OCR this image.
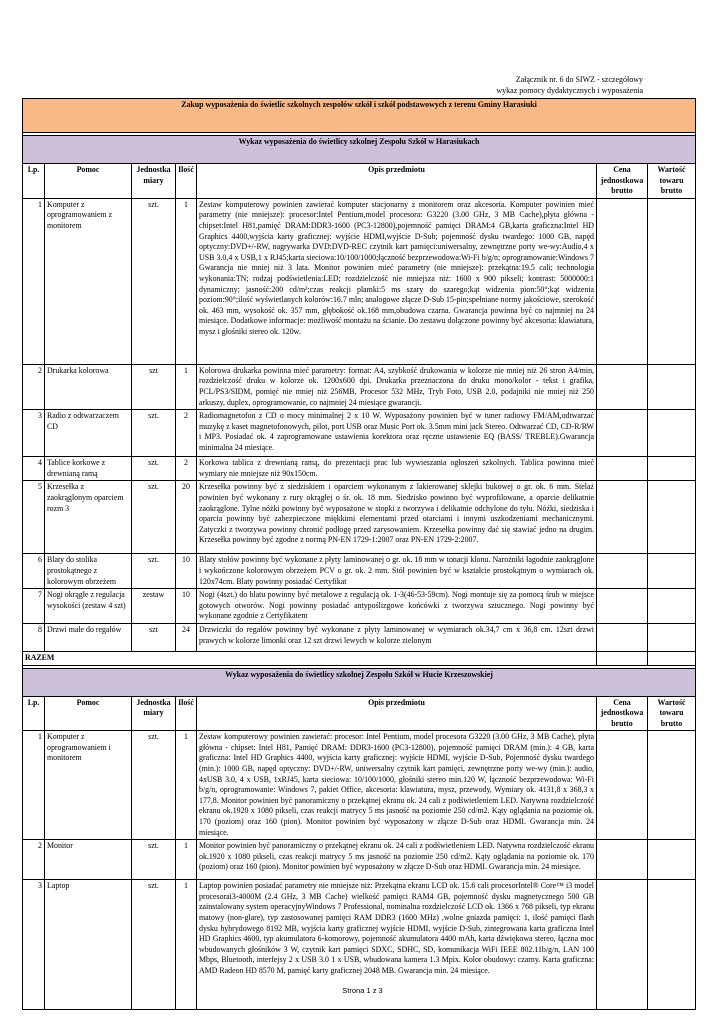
Załącznik nr. 6 do SIWZ - szczegółowy
wykaz pomocy dydaktycznych i wyposażenia
Zakup wyposażenia do świetlic szkolnych zespołów szkół i szkół podstawowych z terenu Gminy Harasiuki						

Wykaz wyposażenia do świetlicy szkolnej Zespołu Szkół w Harasiukach						
Lp.	Pomoc	Jednostka miary	Ilość	Opis przedmiotu	Cena jednostkowa brutto	Wartość towaru brutto
1	Komputer z oprogramowaniem z monitorem	szt.	1	Zestaw komputerowy powinien zawierać komputer stacjonarny z monitorem oraz akcesoria. Komputer powinien mieć parametry (nie mniejsze): procesor:Intel Pentium,model procesora: G3220 (3.00 GHz, 3 MB Cache),płyta główna - chipset:Intel H81,pamięć DRAM:DDR3-1600 (PC3-12800),pojemność pamięci DRAM:4 GB,karta graficzna:Intel HD Graphics 4400,wyjścia karty graficznej: wyjście HDMI,wyjście D-Sub; pojemność dysku twardego: 1000 GB, napęd optyczny:DVD+/-RW, nagrywarka DVD:DVD-REC czytnik kart pamięci:uniwersalny, zewnętrzne porty we-wy:Audio,4 x USB 3.0,4 x USB,1 x RJ45;karta sieciowa:10/100/1000;łączność bezprzewodowa:Wi-Fi b/g/n; oprogramowanie:Windows 7 Gwarancja nie mniej niż 3 lata. Monitor powinien mieć parametry (nie mniejsze): przekątna:19.5 cali; technologia wykonania:TN; rodzaj podświetlenia:LED; rozdzielczość nie mniejsza niż: 1600 x 900 pikseli; kontrast: 5000000:1 dynamiczny; jasność:200 cd/m²;czas reakcji plamki:5 ms szary do szarego;kąt widzenia pion:50°;kąt widzenia poziom:90°;ilość wyświetlanych kolorów:16.7 mln; analogowe złącze D-Sub 15-pin;spełniane normy jakościowe, szerokość ok. 463 mm, wysokość ok. 357 mm, głębokość ok.168 mm,obudowa czarna. Gwarancja powinna być co najmniej na 24 miesiące. Dodatkowe informacje: możliwość montażu na ścianie. Do zestawu dołączone powinny być akcesoria: klawiatura, mysz i głośniki stereo ok. 120w.		
2	Drukarka kolorowa	szt	1	Kolorowa drukarka powinna mieć parametry: format: A4, szybkość drukowania w kolorze nie mniej niż 26 stron A4/min, rozdzielczość druku w kolorze ok. 1200x600 dpi. Drukarka przeznaczona do druku mono/kolor - tekst i grafika, PCL/PS3/SIDM, pomięć nie mniej niż 256MB, Procesor 532 MHz, Tryb Foto, USB 2.0, podajniki nie mniej niż 250 arkuszy, duplex, oprogramowanie, co najmniej 24 miesiące gwarancji.		
3	Radio z odtwarzaczem CD	szt.	2	Radiomagnetofon z CD o mocy minimalnej 2 x 10 W. Wyposażony powinien być w tuner radiowy FM/AM,odtwarzać muzykę z kaset magnetofonowych, pilot, port USB oraz Music Port ok. 3.5mm mini jack Stereo. Odtwarzać CD, CD-R/RW i MP3. Posiadać ok. 4 zaprogramowane ustawienia korektora oraz ręczne ustawienie EQ (BASS/ TREBLE).Gwarancja minimalna 24 miesiące.		
4	Tablice korkowe z drewnianą ramą	szt.	2	Korkowa tablica z drewnianą ramą, do prezentacji prac lub wywieszania ogłoszeń szkolnych. Tablica powinna mieć wymiary nie mniejsze niż 90x150cm.		
5	Krzesełka z zaokrąglonym oparciem rozm 3	szt.	20	Krzesełka powinny być z siedziskiem i oparciem wykonanym z lakierowanej sklejki bukowej o gr. ok. 6 mm. Stelaż powinien być wykonany z rury okrągłej o śr. ok. 18 mm. Siedzisko powinno być wyprofilowane, a oparcie delikatnie zaokrąglone. Tylne nóżki powinny być wyposażone w stopki z tworzywa i delikatnie odchylone do tyłu. Nóżki, siedziska i oparcia powinny być zabezpieczone miękkimi elementami przed otarciami i innymi uszkodzeniami mechanicznymi. Zatyczki z tworzywa powinny chronić podłogę przed zarysowaniem. Krzesełka powinny dać się stawiać jedno na drugim. Krzesełka powinny być zgodne z normą PN-EN 1729-1:2007 oraz PN-EN 1729-2:2007.		
6	Blaty do stolika prostokątnego z kolorowym obrzeżem	szt.	10	Blaty stołów powinny być wykonane z płyty laminowanej o gr. ok. 18 mm w tonacji klonu. Narożniki łagodnie zaokrąglone i wykończone kolorowym obrzeżem PCV o gr. ok. 2 mm. Stół powinien być w kształcie prostokątnym o wymiarach ok. 120x74cm. Blaty powinny posiadać Certyfikat		
7	Nogi okrągłe z regulacja wysokości (zestaw 4 szt)	zestaw	10	Nogi (4szt.) do blatu powinny być metalowe z regulacją ok. 1-3(46-53-59cm). Nogi montuje się za pomocą śrub w miejsce gotowych otworów. Nogi powinny posiadać antypoślizgowe końcówki z tworzywa sztucznego. Nogi powinny być wykonane zgodnie z Certyfikatem		
8	Drzwi małe do regałów	szt	24	Drzwiczki do regałów powinny być wykonane z płyty laminowanej w wymiarach ok.34,7 cm x 36,8 cm. 12szt drzwi prawych w kolorze limonki oraz 12 szt drzwi lewych w kolorze zielonym		
RAZEM						

Wykaz wyposażenia do świetlicy szkolnej Zespołu Szkół w Hucie Krzeszowskiej						
Lp.	Pomoc	Jednostka miary	Ilość	Opis przedmiotu	Cena jednostkowa brutto	Wartość towaru brutto
1	Komputer z oprogramowaniem i monitorem	szt.	1	Zestaw komputerowy powinien zawierać: procesor: Intel Pentium, model procesora G3220 (3.00 GHz, 3 MB Cache), płyta główna - chipset: Intel H81, Pamięć DRAM: DDR3-1600 (PC3-12800), pojemność pamięci DRAM (min.): 4 GB, karta graficzna: Intel HD Graphics 4400, wyjścia karty graficznej: wyjście HDMI, wyjście D-Sub, Pojemność dysku twardego (min.): 1000 GB, napęd optyczny: DVD+/-RW, uniwersalny czytnik kart pamięci, zewnętrzne porty we-wy (min.): audio, 4xUSB 3.0, 4 x USB, 1xRJ45, karta sieciowa: 10/100/1000, głośniki stereo min.120 W, łączność bezprzewodowa: Wi-Fi b/g/n, oprogramowanie: Windows 7, pakiet Office, akcesoria: klawiatura, mysz, przewody, Wymiary ok. 4131,8 x 368,3 x 177,8. Monitor powinien być panoramiczny o przekątnej ekranu ok. 24 cali z podświetleniem LED. Natywna rozdzielczość ekranu ok.1920 x 1080 pikseli, czas reakcji matrycy 5 ms jasność na poziomie 250 cd/m2. Kąty oglądania na poziomie ok. 170 (poziom) oraz 160 (pion). Monitor powinien być wyposażony w złącze D-Sub oraz HDMI. Gwarancja min. 24 miesiące.		
2	Monitor	szt.	1	Monitor powinien być panoramiczny o przekątnej ekranu ok. 24 cali z podświetleniem LED. Natywna rozdzielczość ekranu ok.1920 x 1080 pikseli, czas reakcji matrycy 5 ms jasność na poziomie 250 cd/m2. Kąty oglądania na poziomie ok. 170 (poziom) oraz 160 (pion). Monitor powinien być wyposażony w złącze D-Sub oraz HDMI. Gwarancja min. 24 miesiące.		
3	Laptop	szt.	1	Laptop powinien posiadać parametry nie mniejsze niż: Przekątna ekranu LCD ok. 15.6 cali procesorIntel® Core™ i3 model procesorai3-4000M (2.4 GHz, 3 MB Cache) wielkość pamięci RAM4 GB, pojemność dysku magnetycznego 500 GB zainstalowany system operacyjnyWindows 7 Professional, nominalna rozdzielczość LCD ok. 1366 x 768 pikseli, typ ekranu matowy (non-glare), typ zastosowanej pamięci RAM DDR3 (1600 MHz) ,wolne gniazda pamięci: 1, ilość pamięci flash dysku hybrydowego 8192 MB, wyjścia karty graficznej wyjście HDMI, wyjście D-Sub, zintegrowana karta graficzna Intel HD Graphics 4600, typ akumulatora 6-komorowy, pojemność akumulatora 4400 mAh, karta dźwiękowa stereo, łączna moc wbudowanych głośników 3 W, czytnik kart pamięci SDXC, SDHC, SD, komunikacja WiFi IEEE 802.11b/g/n, LAN 100 Mbps, Bluetooth, interfejsy 2 x USB 3.0 1 x USB, wbudowana kamera 1.3 Mpix. Kolor obudowy: czarny. Karta graficzna: AMD Radeon HD 8570 M, pamięć karty graficznej 2048 MB. Gwarancja min. 24 miesiące.		
Strona 1 z 3
